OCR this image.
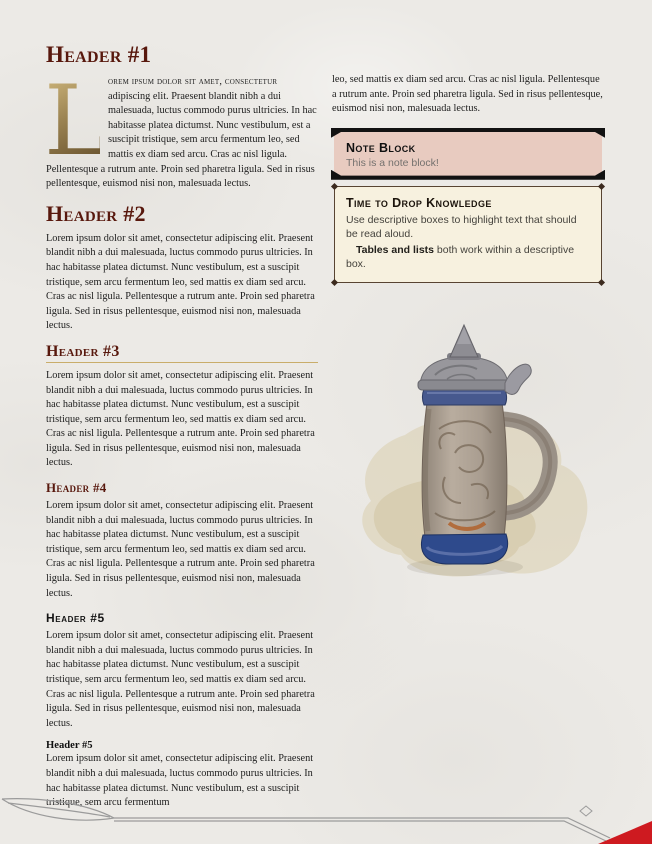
Header #1

L orem ipsum dolor sit amet, consectetur adipiscing elit. Praesent blandit nibh a dui malesuada, luctus commodo purus ultricies. In hac habitasse platea dictumst. Nunc vestibulum, est a suscipit tristique, sem arcu fermentum leo, sed mattis ex diam sed arcu. Cras ac nisl ligula. Pellentesque a rutrum ante. Proin sed pharetra ligula. Sed in risus pellentesque, euismod nisi non, malesuada lectus.

Header #2

Lorem ipsum dolor sit amet, consectetur adipiscing elit. Praesent blandit nibh a dui malesuada, luctus commodo purus ultricies. In hac habitasse platea dictumst. Nunc vestibulum, est a suscipit tristique, sem arcu fermentum leo, sed mattis ex diam sed arcu. Cras ac nisl ligula. Pellentesque a rutrum ante. Proin sed pharetra ligula. Sed in risus pellentesque, euismod nisi non, malesuada lectus.

Header #3

Lorem ipsum dolor sit amet, consectetur adipiscing elit. Praesent blandit nibh a dui malesuada, luctus commodo purus ultricies. In hac habitasse platea dictumst. Nunc vestibulum, est a suscipit tristique, sem arcu fermentum leo, sed mattis ex diam sed arcu. Cras ac nisl ligula. Pellentesque a rutrum ante. Proin sed pharetra ligula. Sed in risus pellentesque, euismod nisi non, malesuada lectus.

Header #4

Lorem ipsum dolor sit amet, consectetur adipiscing elit. Praesent blandit nibh a dui malesuada, luctus commodo purus ultricies. In hac habitasse platea dictumst. Nunc vestibulum, est a suscipit tristique, sem arcu fermentum leo, sed mattis ex diam sed arcu. Cras ac nisl ligula. Pellentesque a rutrum ante. Proin sed pharetra ligula. Sed in risus pellentesque, euismod nisi non, malesuada lectus.

Header #5

Lorem ipsum dolor sit amet, consectetur adipiscing elit. Praesent blandit nibh a dui malesuada, luctus commodo purus ultricies. In hac habitasse platea dictumst. Nunc vestibulum, est a suscipit tristique, sem arcu fermentum leo, sed mattis ex diam sed arcu. Cras ac nisl ligula. Pellentesque a rutrum ante. Proin sed pharetra ligula. Sed in risus pellentesque, euismod nisi non, malesuada lectus.

Header #5

Lorem ipsum dolor sit amet, consectetur adipiscing elit. Praesent blandit nibh a dui malesuada, luctus commodo purus ultricies. In hac habitasse platea dictumst. Nunc vestibulum, est a suscipit tristique, sem arcu fermentum

leo, sed mattis ex diam sed arcu. Cras ac nisl ligula. Pellentesque a rutrum ante. Proin sed pharetra ligula. Sed in risus pellentesque, euismod nisi non, malesuada lectus.

Note Block

This is a note block!

Time to Drop Knowledge

Use descriptive boxes to highlight text that should be read aloud.

Tables and lists both work within a descriptive box.
